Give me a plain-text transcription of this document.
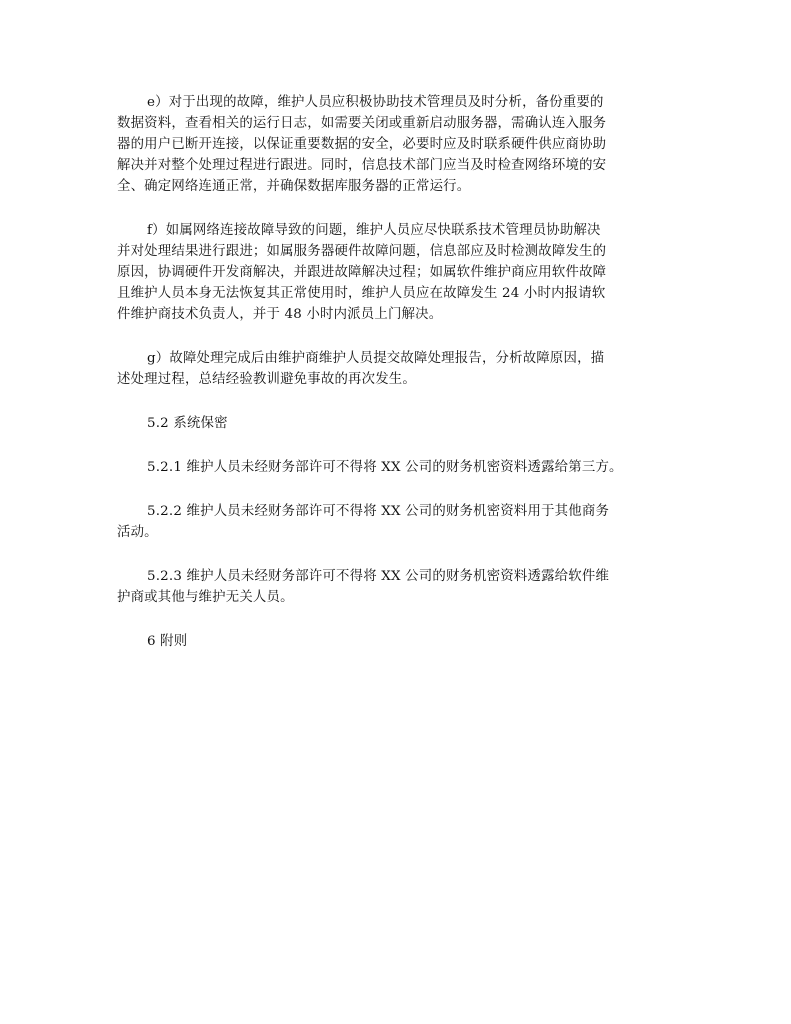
e）对于出现的故障，维护人员应积极协助技术管理员及时分析，备份重要的
数据资料，查看相关的运行日志，如需要关闭或重新启动服务器，需确认连入服务
器的用户已断开连接，以保证重要数据的安全，必要时应及时联系硬件供应商协助
解决并对整个处理过程进行跟进。同时，信息技术部门应当及时检查网络环境的安
全、确定网络连通正常，并确保数据库服务器的正常运行。

f）如属网络连接故障导致的问题，维护人员应尽快联系技术管理员协助解决
并对处理结果进行跟进；如属服务器硬件故障问题，信息部应及时检测故障发生的
原因，协调硬件开发商解决，并跟进故障解决过程；如属软件维护商应用软件故障
且维护人员本身无法恢复其正常使用时，维护人员应在故障发生 24 小时内报请软
件维护商技术负责人，并于 48 小时内派员上门解决。

g）故障处理完成后由维护商维护人员提交故障处理报告，分析故障原因，描
述处理过程，总结经验教训避免事故的再次发生。

5.2 系统保密

5.2.1 维护人员未经财务部许可不得将 XX 公司的财务机密资料透露给第三方。

5.2.2 维护人员未经财务部许可不得将 XX 公司的财务机密资料用于其他商务
活动。

5.2.3 维护人员未经财务部许可不得将 XX 公司的财务机密资料透露给软件维
护商或其他与维护无关人员。

6 附则
